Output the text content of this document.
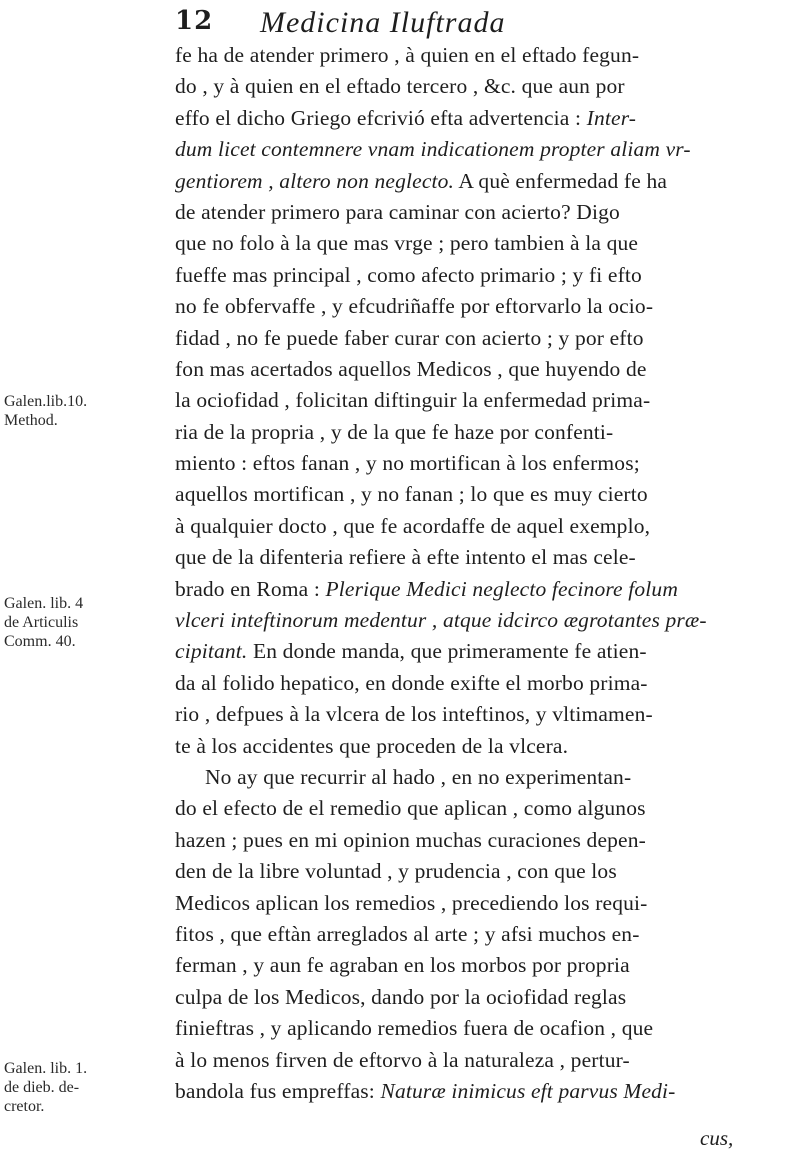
12 Medicina Iluftrada
Galen.lib.10.
Method.
Galen. lib. 4
de Articulis
Comm. 40.
Galen. lib. 1.
de dieb. de-
cretor.
fe ha de atender primero , à quien en el eftado fegun-
do , y à quien en el eftado tercero , &c. que aun por
effo el dicho Griego efcrivió efta advertencia : Inter-
dum licet contemnere vnam indicationem propter aliam vr-
gentiorem , altero non neglecto. A què enfermedad fe ha
de atender primero para caminar con acierto? Digo
que no folo à la que mas vrge ; pero tambien à la que
fueffe mas principal , como afecto primario ; y fi efto
no fe obfervaffe , y efcudriñaffe por eftorvarlo la ocio-
fidad , no fe puede faber curar con acierto ; y por efto
fon mas acertados aquellos Medicos , que huyendo de
la ociofidad , folicitan diftinguir la enfermedad prima-
ria de la propria , y de la que fe haze por confenti-
miento : eftos fanan , y no mortifican à los enfermos;
aquellos mortifican , y no fanan ; lo que es muy cierto
à qualquier docto , que fe acordaffe de aquel exemplo,
que de la difenteria refiere à efte intento el mas cele-
brado en Roma : Plerique Medici neglecto fecinore folum
vlceri inteftinorum medentur , atque idcirco ægrotantes præ-
cipitant. En donde manda, que primeramente fe atien-
da al folido hepatico, en donde exifte el morbo prima-
rio , defpues à la vlcera de los inteftinos, y vltimamen-
te à los accidentes que proceden de la vlcera.
No ay que recurrir al hado , en no experimentan-
do el efecto de el remedio que aplican , como algunos
hazen ; pues en mi opinion muchas curaciones depen-
den de la libre voluntad , y prudencia , con que los
Medicos aplican los remedios , precediendo los requi-
fitos , que eftàn arreglados al arte ; y afsi muchos en-
ferman , y aun fe agraban en los morbos por propria
culpa de los Medicos, dando por la ociofidad reglas
finieftras , y aplicando remedios fuera de ocafion , que
à lo menos firven de eftorvo à la naturaleza , pertur-
bandola fus empreffas: Naturæ inimicus eft parvus Medi-
cus,
